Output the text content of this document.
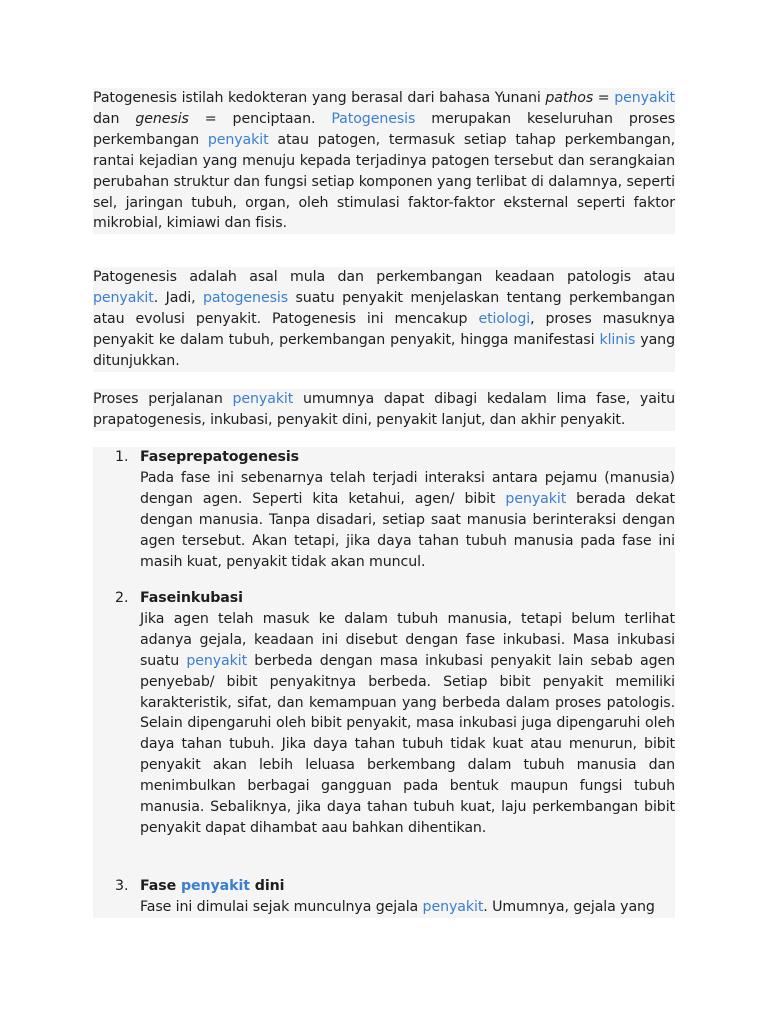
Patogenesis istilah kedokteran yang berasal dari bahasa Yunani pathos = penyakit dan genesis = penciptaan. Patogenesis merupakan keseluruhan proses perkembangan penyakit atau patogen, termasuk setiap tahap perkembangan, rantai kejadian yang menuju kepada terjadinya patogen tersebut dan serangkaian perubahan struktur dan fungsi setiap komponen yang terlibat di dalamnya, seperti sel, jaringan tubuh, organ, oleh stimulasi faktor-faktor eksternal seperti faktor mikrobial, kimiawi dan fisis.

Patogenesis adalah asal mula dan perkembangan keadaan patologis atau penyakit. Jadi, patogenesis suatu penyakit menjelaskan tentang perkembangan atau evolusi penyakit. Patogenesis ini mencakup etiologi, proses masuknya penyakit ke dalam tubuh, perkembangan penyakit, hingga manifestasi klinis yang ditunjukkan.

Proses perjalanan penyakit umumnya dapat dibagi kedalam lima fase, yaitu prapatogenesis, inkubasi, penyakit dini, penyakit lanjut, dan akhir penyakit.

1. Faseprepatogenesis

Pada fase ini sebenarnya telah terjadi interaksi antara pejamu (manusia) dengan agen. Seperti kita ketahui, agen/ bibit penyakit berada dekat dengan manusia. Tanpa disadari, setiap saat manusia berinteraksi dengan agen tersebut. Akan tetapi, jika daya tahan tubuh manusia pada fase ini masih kuat, penyakit tidak akan muncul.

2. Faseinkubasi

Jika agen telah masuk ke dalam tubuh manusia, tetapi belum terlihat adanya gejala, keadaan ini disebut dengan fase inkubasi. Masa inkubasi suatu penyakit berbeda dengan masa inkubasi penyakit lain sebab agen penyebab/ bibit penyakitnya berbeda. Setiap bibit penyakit memiliki karakteristik, sifat, dan kemampuan yang berbeda dalam proses patologis. Selain dipengaruhi oleh bibit penyakit, masa inkubasi juga dipengaruhi oleh daya tahan tubuh. Jika daya tahan tubuh tidak kuat atau menurun, bibit penyakit akan lebih leluasa berkembang dalam tubuh manusia dan menimbulkan berbagai gangguan pada bentuk maupun fungsi tubuh manusia. Sebaliknya, jika daya tahan tubuh kuat, laju perkembangan bibit penyakit dapat dihambat aau bahkan dihentikan.

3. Fase penyakit dini

Fase ini dimulai sejak munculnya gejala penyakit. Umumnya, gejala yang
